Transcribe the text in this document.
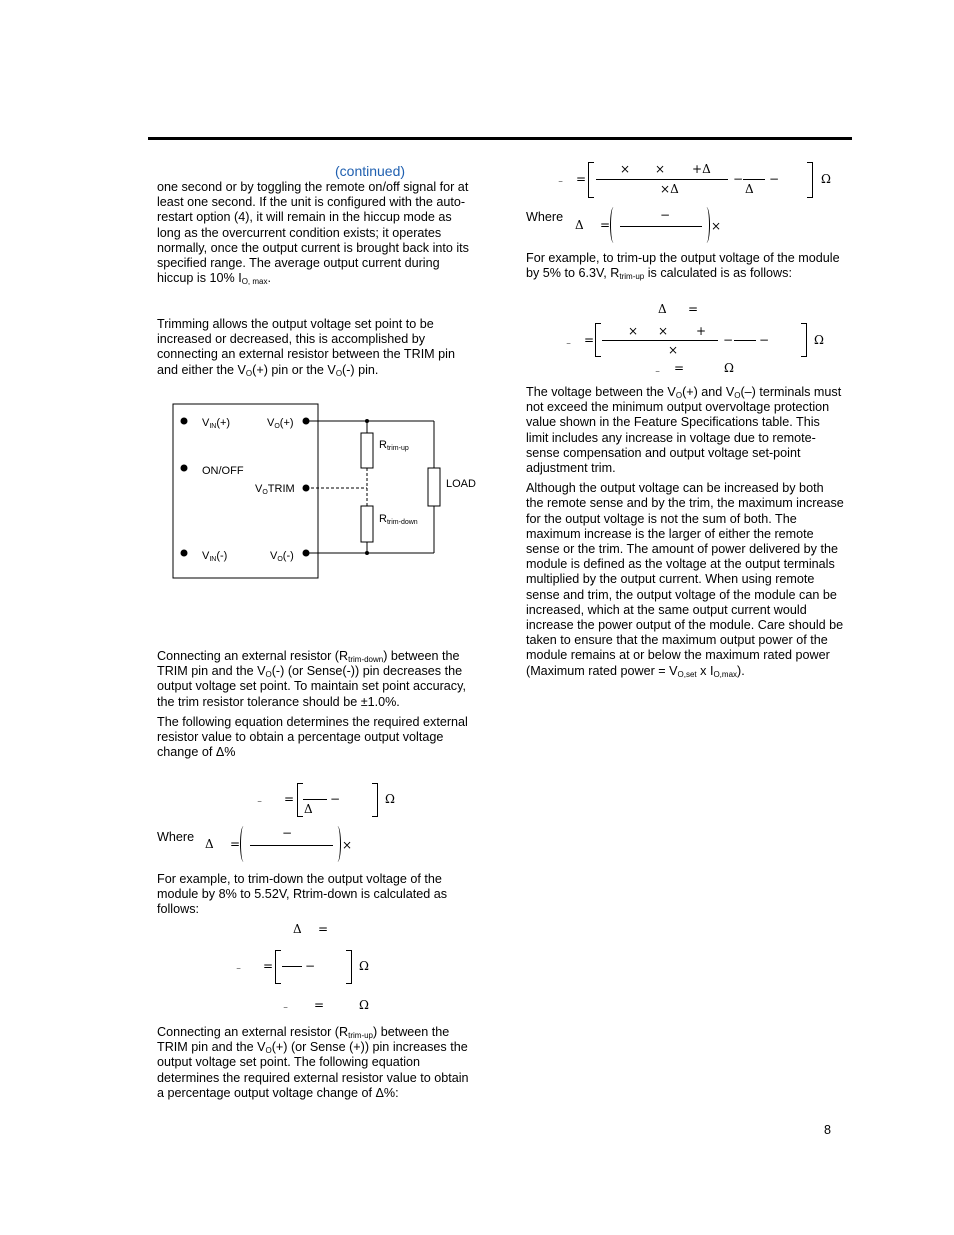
(continued)

one second or by toggling the remote on/off signal for at least one second. If the unit is configured with the auto-restart option (4), it will remain in the hiccup mode as long as the overcurrent condition exists; it operates normally, once the output current is brought back into its specified range. The average output current during hiccup is 10% $I_{O, max}$.

Trimming allows the output voltage set point to be increased or decreased, this is accomplished by connecting an external resistor between the TRIM pin and either the $V_O(+)$ pin or the $V_O(-)$ pin.

VIN(+)
ON/OFF
VIN(-)
VO(+)
VOTRIM
VO(-)
LOAD
Rtrim-up
Rtrim-down

Connecting an external resistor $(R_{trim-down})$ between the TRIM pin and the $V_O(-)$ (or Sense(-)) pin decreases the output voltage set point. To maintain set point accuracy, the trim resistor tolerance should be ±1.0%.

The following equation determines the required external resistor value to obtain a percentage output voltage change of Δ%

− =
Δ
−	Ω
Where Δ =
−
×

For example, to trim-down the output voltage of the module by 8% to 5.52V, Rtrim-down is calculated as follows:

Δ =
− =	−	Ω
− =	Ω

Connecting an external resistor $(R_{trim-up})$ between the TRIM pin and the $V_O(+)$ (or Sense (+)) pin increases the output voltage set point. The following equation determines the required external resistor value to obtain a percentage output voltage change of Δ%:

− =
× × +Δ
×Δ
−
Δ
−	Ω
Where
Δ =
−
×

For example, to trim-up the output voltage of the module by 5% to 6.3V, $R_{trim-up}$ is calculated is as follows:

Δ =
− =
× × +
×
− −	Ω
− =	Ω

The voltage between the $V_O(+)$ and $V_O(-)$ terminals must not exceed the minimum output overvoltage protection value shown in the Feature Specifications table. This limit includes any increase in voltage due to remote-sense compensation and output voltage set-point adjustment trim.

Although the output voltage can be increased by both the remote sense and by the trim, the maximum increase for the output voltage is not the sum of both. The maximum increase is the larger of either the remote sense or the trim. The amount of power delivered by the module is defined as the voltage at the output terminals multiplied by the output current. When using remote sense and trim, the output voltage of the module can be increased, which at the same output current would increase the power output of the module. Care should be taken to ensure that the maximum output power of the module remains at or below the maximum rated power (Maximum rated power = $V_{O,set}$ x $I_{O,max}$).

8
